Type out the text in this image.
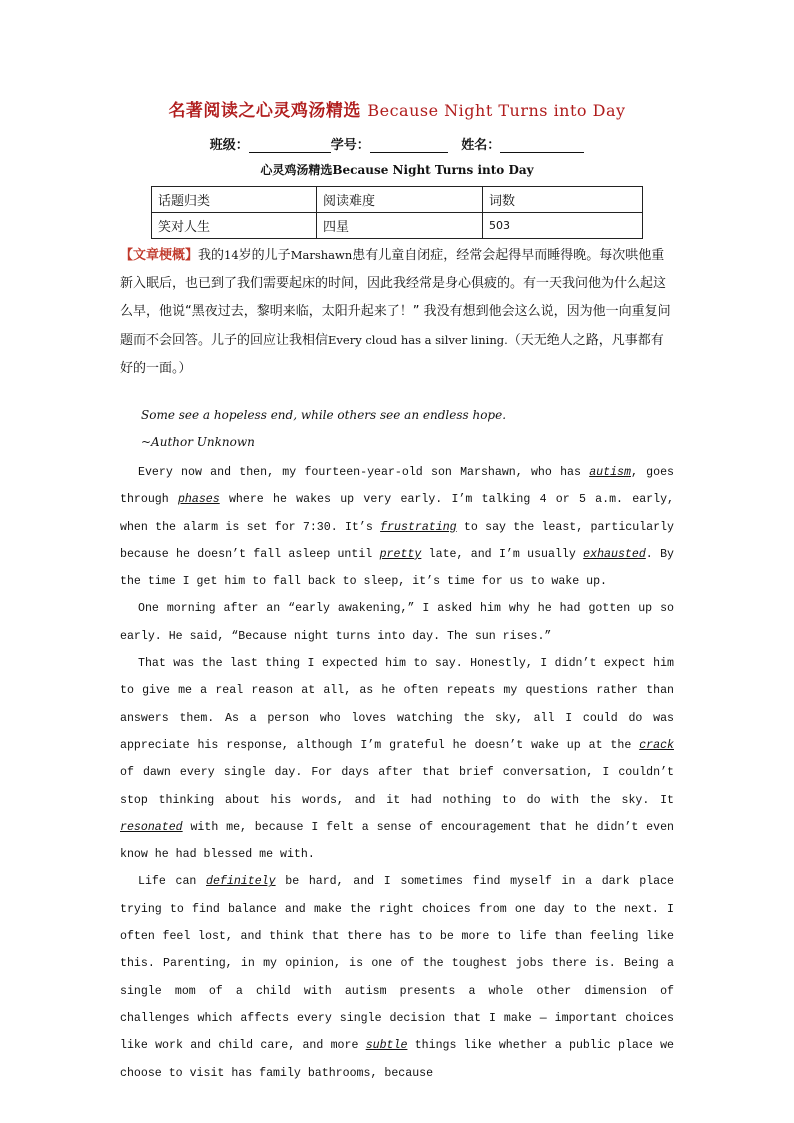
名著阅读之心灵鸡汤精选 Because Night Turns into Day
班级：	学号：	姓名：
心灵鸡汤精选Because Night Turns into Day
话题归类	阅读难度	词数
笑对人生	四星	503
【文章梗概】我的14岁的儿子Marshawn患有儿童自闭症，经常会起得早而睡得晚。每次哄他重新入眠后，也已到了我们需要起床的时间，因此我经常是身心俱疲的。有一天我问他为什么起这么早，他说“黑夜过去，黎明来临，太阳升起来了！” 我没有想到他会这么说，因为他一向重复问题而不会回答。儿子的回应让我相信Every cloud has a silver lining.（天无绝人之路，凡事都有好的一面。）
Some see a hopeless end, while others see an endless hope.
~Author Unknown

Every now and then, my fourteen-year-old son Marshawn, who has autism, goes through phases where he wakes up very early. I’m talking 4 or 5 a.m. early, when the alarm is set for 7:30. It’s frustrating to say the least, particularly because he doesn’t fall asleep until pretty late, and I’m usually exhausted. By the time I get him to fall back to sleep, it’s time for us to wake up.

One morning after an “early awakening,” I asked him why he had gotten up so early. He said, “Because night turns into day. The sun rises.”

That was the last thing I expected him to say. Honestly, I didn’t expect him to give me a real reason at all, as he often repeats my questions rather than answers them. As a person who loves watching the sky, all I could do was appreciate his response, although I’m grateful he doesn’t wake up at the crack of dawn every single day. For days after that brief conversation, I couldn’t stop thinking about his words, and it had nothing to do with the sky. It resonated with me, because I felt a sense of encouragement that he didn’t even know he had blessed me with.

Life can definitely be hard, and I sometimes find myself in a dark place trying to find balance and make the right choices from one day to the next. I often feel lost, and think that there has to be more to life than feeling like this. Parenting, in my opinion, is one of the toughest jobs there is. Being a single mom of a child with autism presents a whole other dimension of challenges which affects every single decision that I make — important choices like work and child care, and more subtle things like whether a public place we choose to visit has family bathrooms, because
